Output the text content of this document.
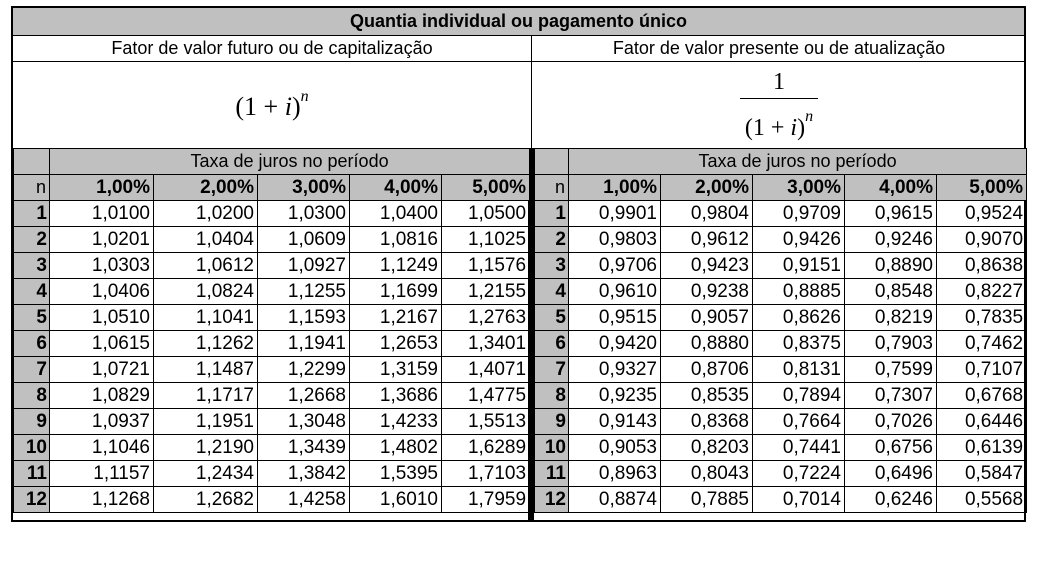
Quantia individual ou pagamento único
Fator de valor futuro ou de capitalização
$(1 + i)^n$
Fator de valor presente ou de atualização
1
$(1 + i)^n$
	Taxa de juros no período				
n	1,00%	2,00%	3,00%	4,00%	5,00%
1	1,0100	1,0200	1,0300	1,0400	1,0500
2	1,0201	1,0404	1,0609	1,0816	1,1025
3	1,0303	1,0612	1,0927	1,1249	1,1576
4	1,0406	1,0824	1,1255	1,1699	1,2155
5	1,0510	1,1041	1,1593	1,2167	1,2763
6	1,0615	1,1262	1,1941	1,2653	1,3401
7	1,0721	1,1487	1,2299	1,3159	1,4071
8	1,0829	1,1717	1,2668	1,3686	1,4775
9	1,0937	1,1951	1,3048	1,4233	1,5513
10	1,1046	1,2190	1,3439	1,4802	1,6289
11	1,1157	1,2434	1,3842	1,5395	1,7103
12	1,1268	1,2682	1,4258	1,6010	1,7959
	Taxa de juros no período				
n	1,00%	2,00%	3,00%	4,00%	5,00%
1	0,9901	0,9804	0,9709	0,9615	0,9524
2	0,9803	0,9612	0,9426	0,9246	0,9070
3	0,9706	0,9423	0,9151	0,8890	0,8638
4	0,9610	0,9238	0,8885	0,8548	0,8227
5	0,9515	0,9057	0,8626	0,8219	0,7835
6	0,9420	0,8880	0,8375	0,7903	0,7462
7	0,9327	0,8706	0,8131	0,7599	0,7107
8	0,9235	0,8535	0,7894	0,7307	0,6768
9	0,9143	0,8368	0,7664	0,7026	0,6446
10	0,9053	0,8203	0,7441	0,6756	0,6139
11	0,8963	0,8043	0,7224	0,6496	0,5847
12	0,8874	0,7885	0,7014	0,6246	0,5568
